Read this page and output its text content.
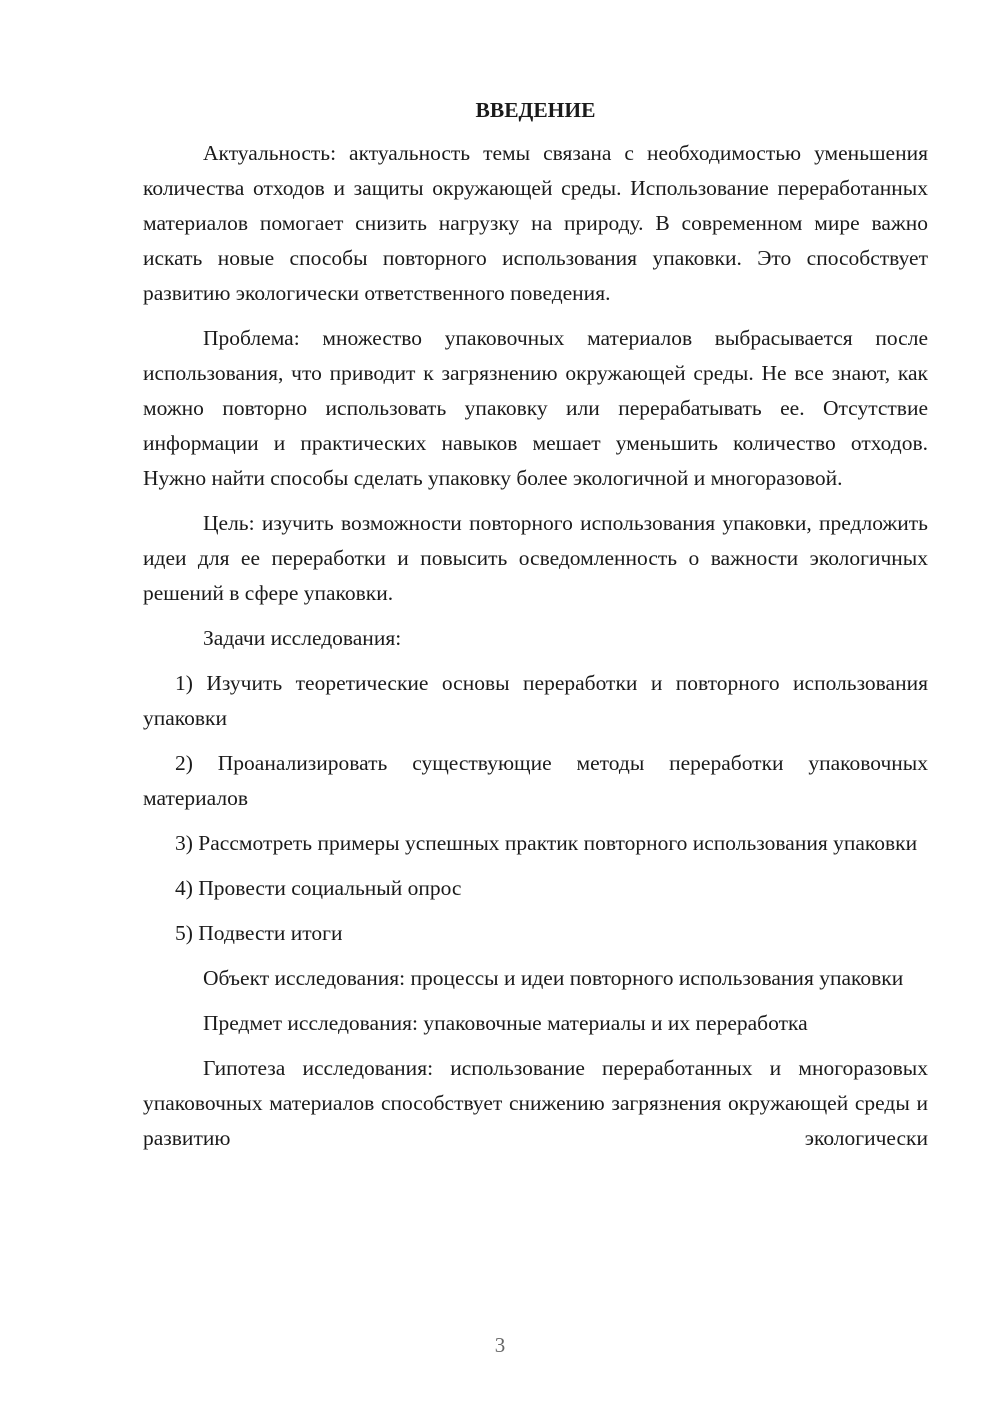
ВВЕДЕНИЕ

Актуальность: актуальность темы связана с необходимостью уменьшения количества отходов и защиты окружающей среды. Использование переработанных материалов помогает снизить нагрузку на природу. В современном мире важно искать новые способы повторного использования упаковки. Это способствует развитию экологически ответственного поведения.

Проблема: множество упаковочных материалов выбрасывается после использования, что приводит к загрязнению окружающей среды. Не все знают, как можно повторно использовать упаковку или перерабатывать ее. Отсутствие информации и практических навыков мешает уменьшить количество отходов. Нужно найти способы сделать упаковку более экологичной и многоразовой.

Цель: изучить возможности повторного использования упаковки, предложить идеи для ее переработки и повысить осведомленность о важности экологичных решений в сфере упаковки.

Задачи исследования:

1) Изучить теоретические основы переработки и повторного использования упаковки

2) Проанализировать существующие методы переработки упаковочных материалов

3) Рассмотреть примеры успешных практик повторного использования упаковки

4) Провести социальный опрос

5) Подвести итоги

Объект исследования: процессы и идеи повторного использования упаковки

Предмет исследования: упаковочные материалы и их переработка

Гипотеза исследования: использование переработанных и многоразовых упаковочных материалов способствует снижению загрязнения окружающей среды и развитию экологически

3
